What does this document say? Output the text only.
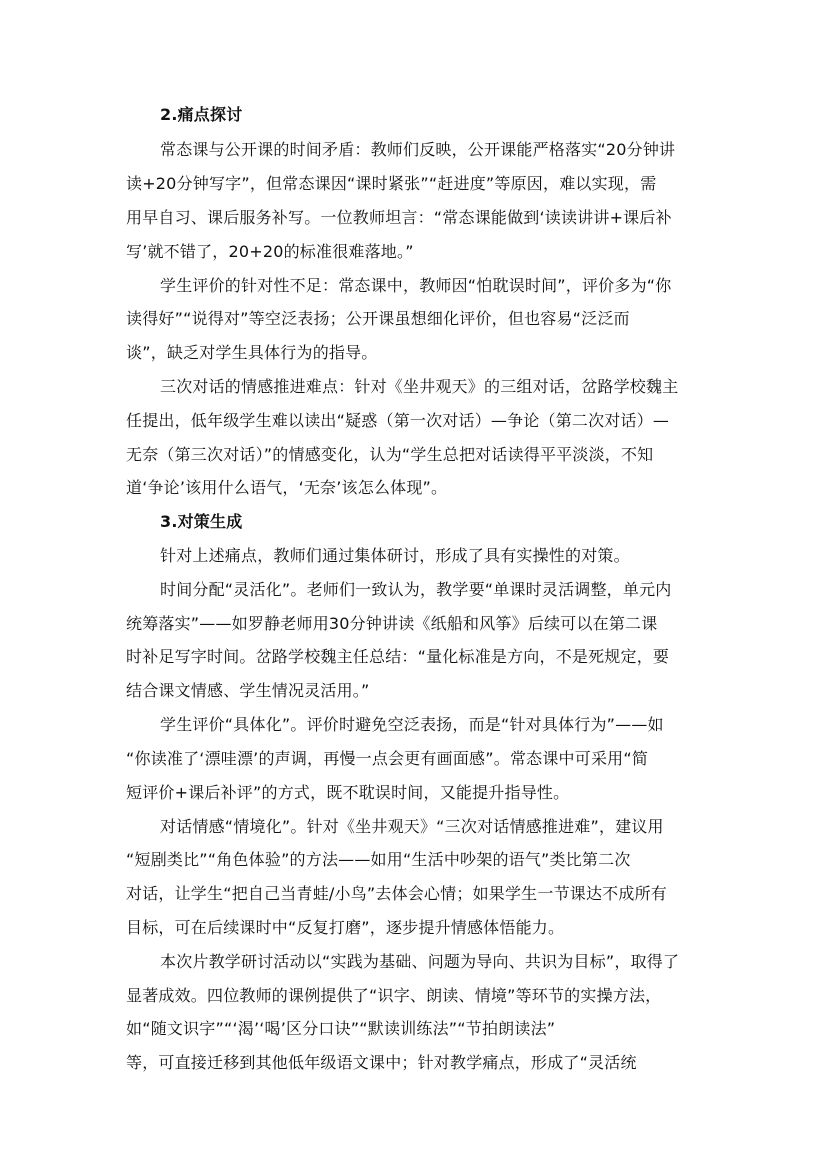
2.痛点探讨
常态课与公开课的时间矛盾：教师们反映，公开课能严格落实“20分钟讲
读+20分钟写字”，但常态课因“课时紧张”“赶进度”等原因，难以实现，需
用早自习、课后服务补写。一位教师坦言：“常态课能做到‘读读讲讲+课后补
写’就不错了，20+20的标准很难落地。”
学生评价的针对性不足：常态课中，教师因“怕耽误时间”，评价多为“你
读得好”“说得对”等空泛表扬；公开课虽想细化评价，但也容易“泛泛而
谈”，缺乏对学生具体行为的指导。
三次对话的情感推进难点：针对《坐井观天》的三组对话，岔路学校魏主
任提出，低年级学生难以读出“疑惑（第一次对话）—争论（第二次对话）—
无奈（第三次对话）”的情感变化，认为“学生总把对话读得平平淡淡，不知
道‘争论’该用什么语气，‘无奈’该怎么体现”。
3.对策生成
针对上述痛点，教师们通过集体研讨，形成了具有实操性的对策。
时间分配“灵活化”。老师们一致认为，教学要“单课时灵活调整，单元内
统筹落实”——如罗静老师用30分钟讲读《纸船和风筝》后续可以在第二课
时补足写字时间。岔路学校魏主任总结：“量化标准是方向，不是死规定，要
结合课文情感、学生情况灵活用。”
学生评价“具体化”。评价时避免空泛表扬，而是“针对具体行为”——如
“你读准了‘漂哇漂’的声调，再慢一点会更有画面感”。常态课中可采用“简
短评价+课后补评”的方式，既不耽误时间，又能提升指导性。
对话情感“情境化”。针对《坐井观天》“三次对话情感推进难”，建议用
“短剧类比”“角色体验”的方法——如用“生活中吵架的语气”类比第二次
对话，让学生“把自己当青蛙/小鸟”去体会心情；如果学生一节课达不成所有
目标，可在后续课时中“反复打磨”，逐步提升情感体悟能力。
本次片教学研讨活动以“实践为基础、问题为导向、共识为目标”，取得了
显著成效。四位教师的课例提供了“识字、朗读、情境”等环节的实操方法，
如“随文识字”“‘渴’‘喝’区分口诀”“默读训练法”“节拍朗读法”
等，可直接迁移到其他低年级语文课中；针对教学痛点，形成了“灵活统
